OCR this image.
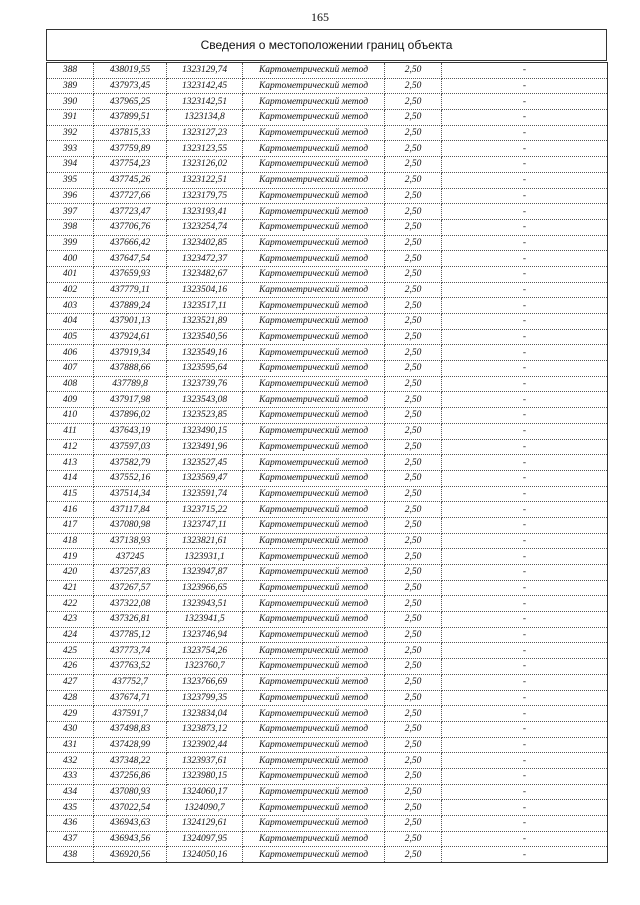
165
Сведения о местоположении границ объекта
388	438019,55	1323129,74	Картометрический метод	2,50	-
389	437973,45	1323142,45	Картометрический метод	2,50	-
390	437965,25	1323142,51	Картометрический метод	2,50	-
391	437899,51	1323134,8	Картометрический метод	2,50	-
392	437815,33	1323127,23	Картометрический метод	2,50	-
393	437759,89	1323123,55	Картометрический метод	2,50	-
394	437754,23	1323126,02	Картометрический метод	2,50	-
395	437745,26	1323122,51	Картометрический метод	2,50	-
396	437727,66	1323179,75	Картометрический метод	2,50	-
397	437723,47	1323193,41	Картометрический метод	2,50	-
398	437706,76	1323254,74	Картометрический метод	2,50	-
399	437666,42	1323402,85	Картометрический метод	2,50	-
400	437647,54	1323472,37	Картометрический метод	2,50	-
401	437659,93	1323482,67	Картометрический метод	2,50	-
402	437779,11	1323504,16	Картометрический метод	2,50	-
403	437889,24	1323517,11	Картометрический метод	2,50	-
404	437901,13	1323521,89	Картометрический метод	2,50	-
405	437924,61	1323540,56	Картометрический метод	2,50	-
406	437919,34	1323549,16	Картометрический метод	2,50	-
407	437888,66	1323595,64	Картометрический метод	2,50	-
408	437789,8	1323739,76	Картометрический метод	2,50	-
409	437917,98	1323543,08	Картометрический метод	2,50	-
410	437896,02	1323523,85	Картометрический метод	2,50	-
411	437643,19	1323490,15	Картометрический метод	2,50	-
412	437597,03	1323491,96	Картометрический метод	2,50	-
413	437582,79	1323527,45	Картометрический метод	2,50	-
414	437552,16	1323569,47	Картометрический метод	2,50	-
415	437514,34	1323591,74	Картометрический метод	2,50	-
416	437117,84	1323715,22	Картометрический метод	2,50	-
417	437080,98	1323747,11	Картометрический метод	2,50	-
418	437138,93	1323821,61	Картометрический метод	2,50	-
419	437245	1323931,1	Картометрический метод	2,50	-
420	437257,83	1323947,87	Картометрический метод	2,50	-
421	437267,57	1323966,65	Картометрический метод	2,50	-
422	437322,08	1323943,51	Картометрический метод	2,50	-
423	437326,81	1323941,5	Картометрический метод	2,50	-
424	437785,12	1323746,94	Картометрический метод	2,50	-
425	437773,74	1323754,26	Картометрический метод	2,50	-
426	437763,52	1323760,7	Картометрический метод	2,50	-
427	437752,7	1323766,69	Картометрический метод	2,50	-
428	437674,71	1323799,35	Картометрический метод	2,50	-
429	437591,7	1323834,04	Картометрический метод	2,50	-
430	437498,83	1323873,12	Картометрический метод	2,50	-
431	437428,99	1323902,44	Картометрический метод	2,50	-
432	437348,22	1323937,61	Картометрический метод	2,50	-
433	437256,86	1323980,15	Картометрический метод	2,50	-
434	437080,93	1324060,17	Картометрический метод	2,50	-
435	437022,54	1324090,7	Картометрический метод	2,50	-
436	436943,63	1324129,61	Картометрический метод	2,50	-
437	436943,56	1324097,95	Картометрический метод	2,50	-
438	436920,56	1324050,16	Картометрический метод	2,50	-
